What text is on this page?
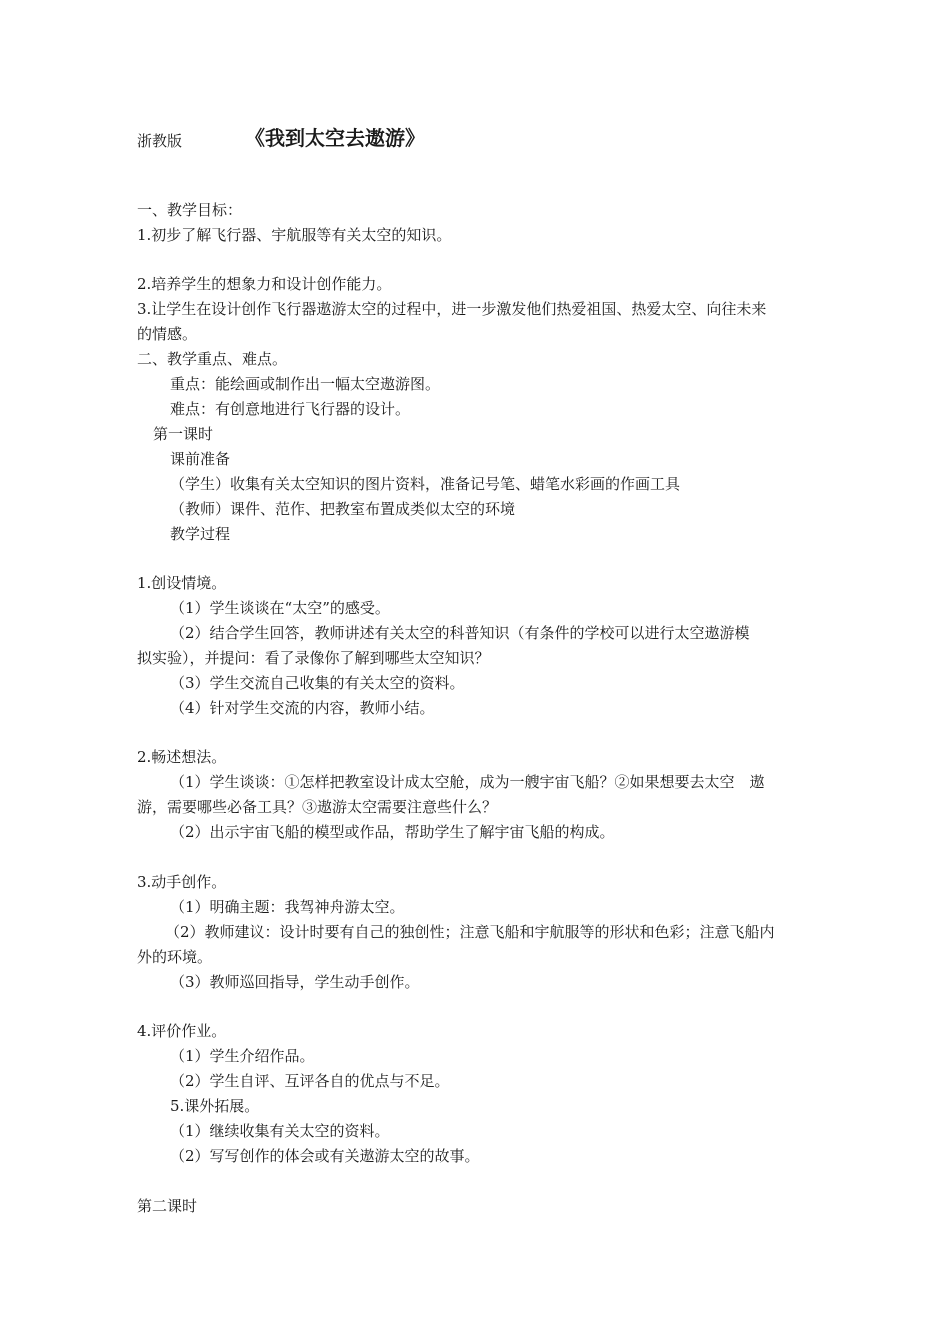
浙教版	《我到太空去遨游》
一、教学目标：
1.初步了解飞行器、宇航服等有关太空的知识。
2.培养学生的想象力和设计创作能力。
3.让学生在设计创作飞行器遨游太空的过程中，进一步激发他们热爱祖国、热爱太空、向往未来
的情感。
二、教学重点、难点。
重点：能绘画或制作出一幅太空遨游图。
难点：有创意地进行飞行器的设计。
第一课时
课前准备
（学生）收集有关太空知识的图片资料，准备记号笔、蜡笔水彩画的作画工具
（教师）课件、范作、把教室布置成类似太空的环境
教学过程
1.创设情境。
（1）学生谈谈在“太空”的感受。
（2）结合学生回答，教师讲述有关太空的科普知识（有条件的学校可以进行太空遨游模
拟实验），并提问：看了录像你了解到哪些太空知识？
（3）学生交流自己收集的有关太空的资料。
（4）针对学生交流的内容，教师小结。
2.畅述想法。
（1）学生谈谈：①怎样把教室设计成太空舱，成为一艘宇宙飞船？②如果想要去太空　遨
游，需要哪些必备工具？③遨游太空需要注意些什么？
（2）出示宇宙飞船的模型或作品，帮助学生了解宇宙飞船的构成。
3.动手创作。
（1）明确主题：我驾神舟游太空。
（2）教师建议：设计时要有自己的独创性；注意飞船和宇航服等的形状和色彩；注意飞船内
外的环境。
（3）教师巡回指导，学生动手创作。
4.评价作业。
（1）学生介绍作品。
（2）学生自评、互评各自的优点与不足。
5.课外拓展。
（1）继续收集有关太空的资料。
（2）写写创作的体会或有关遨游太空的故事。
第二课时
